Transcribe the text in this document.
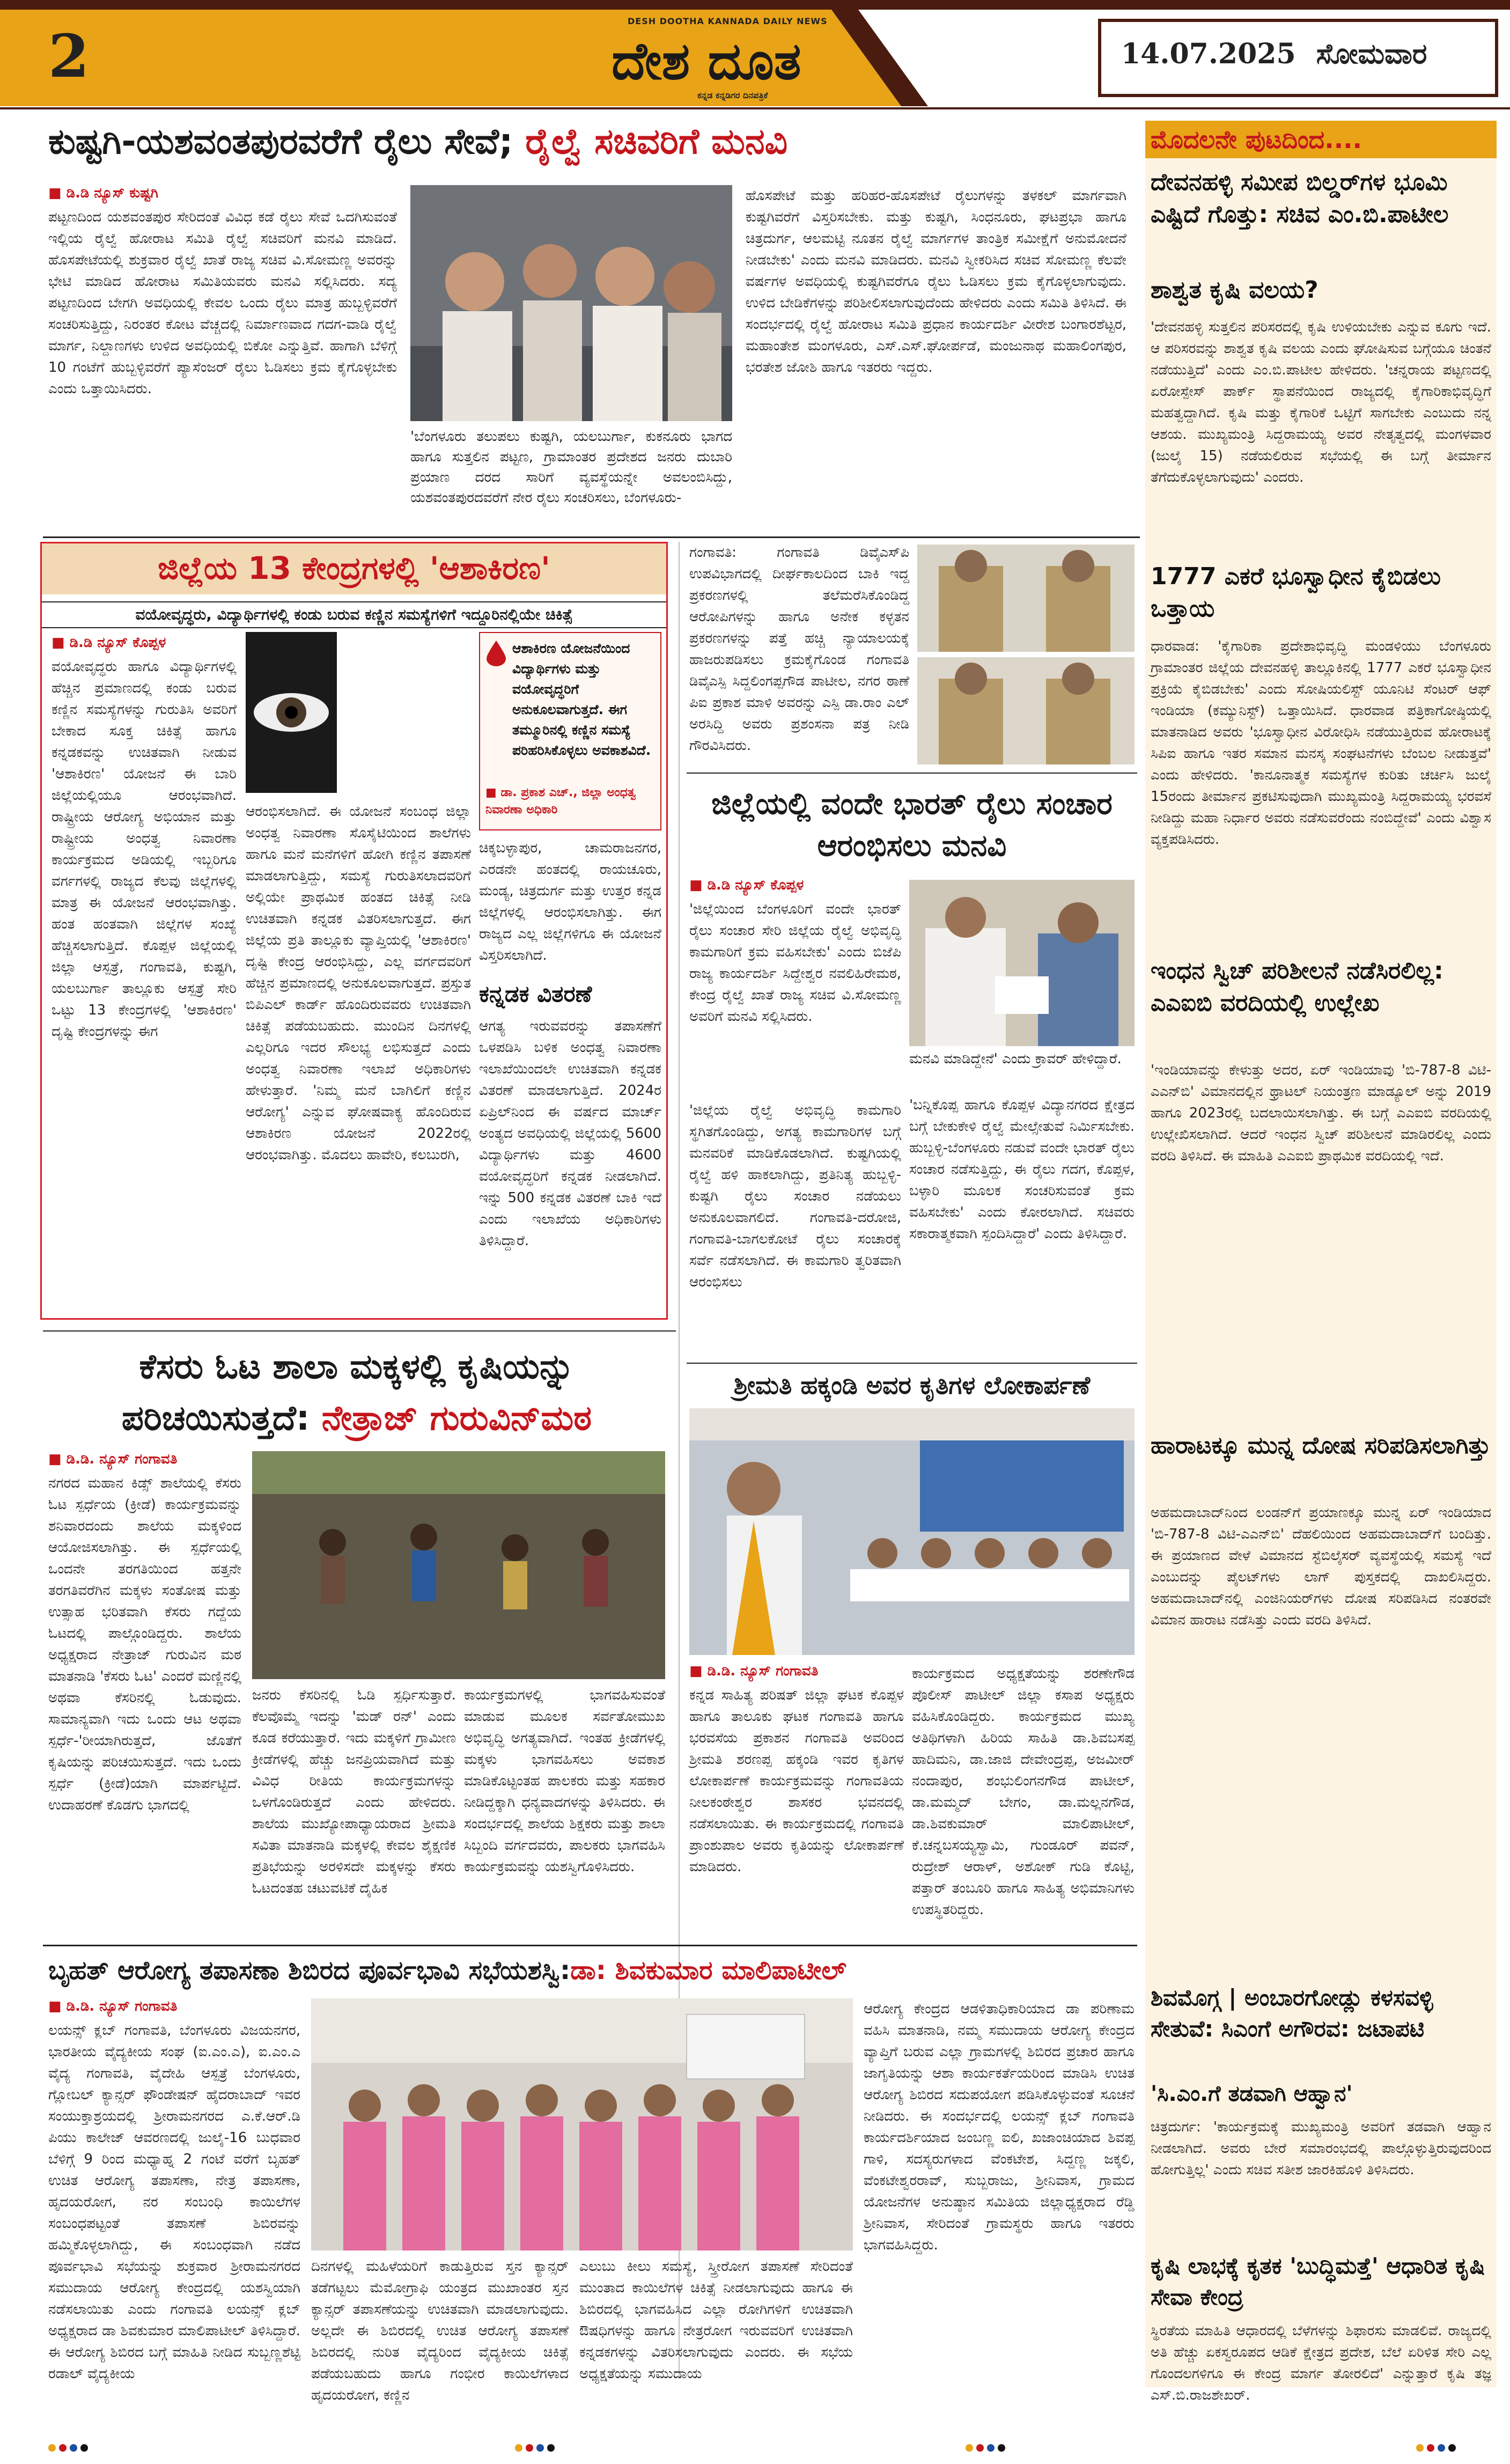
2
DESH DOOTHA KANNADA DAILY NEWS
ದೇಶ ದೂತ
ಕನ್ನಡ ಕನ್ನಡಿಗರ ದಿನಪತ್ರಿಕೆ
14.07.2025 ಸೋಮವಾರ
ಕುಷ್ಟಗಿ-ಯಶವಂತಪುರವರೆಗೆ ರೈಲು ಸೇವೆ; ರೈಲ್ವೆ ಸಚಿವರಿಗೆ ಮನವಿ
■ ಡಿ.ಡಿ ನ್ಯೂಸ್ ಕುಷ್ಟಗಿ
ಪಟ್ಟಣದಿಂದ ಯಶವಂತಪುರ ಸೇರಿದಂತೆ ವಿವಿಧ ಕಡೆ ರೈಲು ಸೇವೆ ಒದಗಿಸುವಂತೆ ಇಲ್ಲಿಯ ರೈಲ್ವೆ ಹೋರಾಟ ಸಮಿತಿ ರೈಲ್ವೆ ಸಚಿವರಿಗೆ ಮನವಿ ಮಾಡಿದೆ. ಹೊಸಪೇಟೆಯಲ್ಲಿ ಶುಕ್ರವಾರ ರೈಲ್ವೆ ಖಾತೆ ರಾಜ್ಯ ಸಚಿವ ವಿ.ಸೋಮಣ್ಣ ಅವರನ್ನು ಭೇಟಿ ಮಾಡಿದ ಹೋರಾಟ ಸಮಿತಿಯವರು ಮನವಿ ಸಲ್ಲಿಸಿದರು. ಸದ್ಯ ಪಟ್ಟಣದಿಂದ ಬೇಗಗಿ ಅವಧಿಯಲ್ಲಿ ಕೇವಲ ಒಂದು ರೈಲು ಮಾತ್ರ ಹುಬ್ಬಳ್ಳಿವರೆಗೆ ಸಂಚರಿಸುತ್ತಿದ್ದು, ನಿರಂತರ ಕೋಟ ವೆಚ್ಚದಲ್ಲಿ ನಿರ್ಮಾಣವಾದ ಗದಗ-ವಾಡಿ ರೈಲ್ವೆ ಮಾರ್ಗ, ನಿಲ್ದಾಣಗಳು ಉಳಿದ ಅವಧಿಯಲ್ಲಿ ಬಿಕೋ ಎನ್ನುತ್ತಿವೆ. ಹಾಗಾಗಿ ಬೆಳಿಗ್ಗೆ 10 ಗಂಟೆಗೆ ಹುಬ್ಬಳ್ಳಿವರೆಗೆ ಪ್ಯಾಸೆಂಜರ್ ರೈಲು ಓಡಿಸಲು ಕ್ರಮ ಕೈಗೊಳ್ಳಬೇಕು ಎಂದು ಒತ್ತಾಯಿಸಿದರು.
'ಬೆಂಗಳೂರು ತಲುಪಲು ಕುಷ್ಟಗಿ, ಯಲಬುರ್ಗಾ, ಕುಕನೂರು ಭಾಗದ ಹಾಗೂ ಸುತ್ತಲಿನ ಪಟ್ಟಣ, ಗ್ರಾಮಾಂತರ ಪ್ರದೇಶದ ಜನರು ದುಬಾರಿ ಪ್ರಯಾಣ ದರದ ಸಾರಿಗೆ ವ್ಯವಸ್ಥೆಯನ್ನೇ ಅವಲಂಬಿಸಿದ್ದು, ಯಶವಂತಪುರದವರೆಗೆ ನೇರ ರೈಲು ಸಂಚರಿಸಲು, ಬೆಂಗಳೂರು-
ಹೊಸಪೇಟೆ ಮತ್ತು ಹರಿಹರ-ಹೊಸಪೇಟೆ ರೈಲುಗಳನ್ನು ತಳಕಲ್ ಮಾರ್ಗವಾಗಿ ಕುಷ್ಟಗಿವರೆಗೆ ವಿಸ್ತರಿಸಬೇಕು. ಮತ್ತು ಕುಷ್ಟಗಿ, ಸಿಂಧನೂರು, ಘಟಪ್ರಭಾ ಹಾಗೂ ಚಿತ್ರದುರ್ಗ, ಆಲಮಟ್ಟಿ ನೂತನ ರೈಲ್ವೆ ಮಾರ್ಗಗಳ ತಾಂತ್ರಿಕ ಸಮೀಕ್ಷೆಗೆ ಅನುಮೋದನೆ ನೀಡಬೇಕು' ಎಂದು ಮನವಿ ಮಾಡಿದರು. ಮನವಿ ಸ್ವೀಕರಿಸಿದ ಸಚಿವ ಸೋಮಣ್ಣ ಕೆಲವೇ ವರ್ಷಗಳ ಅವಧಿಯಲ್ಲಿ ಕುಷ್ಟಗಿವರೆಗೂ ರೈಲು ಓಡಿಸಲು ಕ್ರಮ ಕೈಗೊಳ್ಳಲಾಗುವುದು. ಉಳಿದ ಬೇಡಿಕೆಗಳನ್ನು ಪರಿಶೀಲಿಸಲಾಗುವುದೆಂದು ಹೇಳಿದರು ಎಂದು ಸಮಿತಿ ತಿಳಿಸಿದೆ. ಈ ಸಂದರ್ಭದಲ್ಲಿ ರೈಲ್ವೆ ಹೋರಾಟ ಸಮಿತಿ ಪ್ರಧಾನ ಕಾರ್ಯದರ್ಶಿ ವೀರೇಶ ಬಂಗಾರಶೆಟ್ಟರ, ಮಹಾಂತೇಶ ಮಂಗಳೂರು, ಎಸ್.ಎಸ್.ಘೋರ್ಪಡೆ, ಮಂಜುನಾಥ ಮಹಾಲಿಂಗಪುರ, ಭರತೇಶ ಜೋಶಿ ಹಾಗೂ ಇತರರು ಇದ್ದರು.
ಮೊದಲನೇ ಪುಟದಿಂದ....
ದೇವನಹಳ್ಳಿ ಸಮೀಪ ಬಿಲ್ಡರ್‌ಗಳ ಭೂಮಿ ಎಷ್ಟಿದೆ ಗೊತ್ತು: ಸಚಿವ ಎಂ.ಬಿ.ಪಾಟೀಲ
ಶಾಶ್ವತ ಕೃಷಿ ವಲಯ?
'ದೇವನಹಳ್ಳಿ ಸುತ್ತಲಿನ ಪರಿಸರದಲ್ಲಿ ಕೃಷಿ ಉಳಿಯಬೇಕು ಎನ್ನುವ ಕೂಗು ಇದೆ. ಆ ಪರಿಸರವನ್ನು ಶಾಶ್ವತ ಕೃಷಿ ವಲಯ ಎಂದು ಘೋಷಿಸುವ ಬಗ್ಗೆಯೂ ಚಿಂತನೆ ನಡೆಯುತ್ತಿದೆ' ಎಂದು ಎಂ.ಬಿ.ಪಾಟೀಲ ಹೇಳಿದರು. 'ಚನ್ನರಾಯ ಪಟ್ಟಣದಲ್ಲಿ ಏರೋಸ್ಪೇಸ್ ಪಾರ್ಕ್ ಸ್ಥಾಪನೆಯಿಂದ ರಾಜ್ಯದಲ್ಲಿ ಕೈಗಾರಿಕಾಭಿವೃದ್ಧಿಗೆ ಮಹತ್ವದ್ದಾಗಿದೆ. ಕೃಷಿ ಮತ್ತು ಕೈಗಾರಿಕೆ ಒಟ್ಟಿಗೆ ಸಾಗಬೇಕು ಎಂಬುದು ನನ್ನ ಆಶಯ. ಮುಖ್ಯಮಂತ್ರಿ ಸಿದ್ದರಾಮಯ್ಯ ಅವರ ನೇತೃತ್ವದಲ್ಲಿ ಮಂಗಳವಾರ (ಜುಲೈ 15) ನಡೆಯಲಿರುವ ಸಭೆಯಲ್ಲಿ ಈ ಬಗ್ಗೆ ತೀರ್ಮಾನ ತೆಗೆದುಕೊಳ್ಳಲಾಗುವುದು' ಎಂದರು.
1777 ಎಕರೆ ಭೂಸ್ವಾಧೀನ ಕೈಬಿಡಲು ಒತ್ತಾಯ
ಧಾರವಾಡ: 'ಕೈಗಾರಿಕಾ ಪ್ರದೇಶಾಭಿವೃದ್ಧಿ ಮಂಡಳಿಯು ಬೆಂಗಳೂರು ಗ್ರಾಮಾಂತರ ಜಿಲ್ಲೆಯ ದೇವನಹಳ್ಳಿ ತಾಲ್ಲೂಕಿನಲ್ಲಿ 1777 ಎಕರೆ ಭೂಸ್ವಾಧೀನ ಪ್ರಕ್ರಿಯೆ ಕೈಬಿಡಬೇಕು' ಎಂದು ಸೋಷಿಯಲಿಸ್ಟ್ ಯೂನಿಟಿ ಸೆಂಟರ್ ಆಫ್ ಇಂಡಿಯಾ (ಕಮ್ಯುನಿಸ್ಟ್) ಒತ್ತಾಯಿಸಿದೆ. ಧಾರವಾಡ ಪತ್ರಿಕಾಗೋಷ್ಠಿಯಲ್ಲಿ ಮಾತನಾಡಿದ ಅವರು 'ಭೂಸ್ವಾಧೀನ ವಿರೋಧಿಸಿ ನಡೆಯುತ್ತಿರುವ ಹೋರಾಟಕ್ಕೆ ಸಿಪಿಐ ಹಾಗೂ ಇತರ ಸಮಾನ ಮನಸ್ಕ ಸಂಘಟನೆಗಳು ಬೆಂಬಲ ನೀಡುತ್ತವೆ' ಎಂದು ಹೇಳಿದರು. 'ಕಾನೂನಾತ್ಮಕ ಸಮಸ್ಯೆಗಳ ಕುರಿತು ಚರ್ಚಿಸಿ ಜುಲೈ 15ರಂದು ತೀರ್ಮಾನ ಪ್ರಕಟಿಸುವುದಾಗಿ ಮುಖ್ಯಮಂತ್ರಿ ಸಿದ್ದರಾಮಯ್ಯ ಭರವಸೆ ನೀಡಿದ್ದು ಮಹಾ ನಿರ್ಧಾರ ಅವರು ನಡೆಸುವರೆಂದು ನಂಬಿದ್ದೇವೆ' ಎಂದು ವಿಶ್ವಾಸ ವ್ಯಕ್ತಪಡಿಸಿದರು.
ಇಂಧನ ಸ್ವಿಚ್ ಪರಿಶೀಲನೆ ನಡೆಸಿರಲಿಲ್ಲ: ಎಎಐಬಿ ವರದಿಯಲ್ಲಿ ಉಲ್ಲೇಖ
'ಇಂಡಿಯಾವನ್ನು ಕೇಳುತ್ತು ಅದರ, ಏರ್ ಇಂಡಿಯಾವು 'ಬಿ-787-8 ವಿಟಿ-ಎಎನ್‌ಬಿ' ವಿಮಾನದಲ್ಲಿನ ಥ್ರಾಟಲ್ ನಿಯಂತ್ರಣ ಮಾಡ್ಯೂಲ್ ಅನ್ನು 2019 ಹಾಗೂ 2023ರಲ್ಲಿ ಬದಲಾಯಿಸಲಾಗಿತ್ತು. ಈ ಬಗ್ಗೆ ಎಎಐಬಿ ವರದಿಯಲ್ಲಿ ಉಲ್ಲೇಖಿಸಲಾಗಿದೆ. ಆದರೆ ಇಂಧನ ಸ್ವಿಚ್ ಪರಿಶೀಲನೆ ಮಾಡಿರಲಿಲ್ಲ ಎಂದು ವರದಿ ತಿಳಿಸಿದೆ. ಈ ಮಾಹಿತಿ ಎಎಐಬಿ ಪ್ರಾಥಮಿಕ ವರದಿಯಲ್ಲಿ ಇದೆ.
ಹಾರಾಟಕ್ಕೂ ಮುನ್ನ ದೋಷ ಸರಿಪಡಿಸಲಾಗಿತ್ತು
ಅಹಮದಾಬಾದ್‌ನಿಂದ ಲಂಡನ್‌ಗೆ ಪ್ರಯಾಣಕ್ಕೂ ಮುನ್ನ ಏರ್ ಇಂಡಿಯಾದ 'ಬಿ-787-8 ವಿಟಿ-ಎಎನ್‌ಬಿ' ದೆಹಲಿಯಿಂದ ಅಹಮದಾಬಾದ್‌ಗೆ ಬಂದಿತ್ತು. ಈ ಪ್ರಯಾಣದ ವೇಳೆ ವಿಮಾನದ ಸ್ಟೆಬಿಲೈಸರ್ ವ್ಯವಸ್ಥೆಯಲ್ಲಿ ಸಮಸ್ಯೆ ಇದೆ ಎಂಬುದನ್ನು ಪೈಲಟ್‌ಗಳು ಲಾಗ್ ಪುಸ್ತಕದಲ್ಲಿ ದಾಖಲಿಸಿದ್ದರು. ಅಹಮದಾಬಾದ್‌ನಲ್ಲಿ ಎಂಜಿನಿಯರ್‌ಗಳು ದೋಷ ಸರಿಪಡಿಸಿದ ನಂತರವೇ ವಿಮಾನ ಹಾರಾಟ ನಡೆಸಿತ್ತು ಎಂದು ವರದಿ ತಿಳಿಸಿದೆ.
ಶಿವಮೊಗ್ಗ | ಅಂಬಾರಗೋಡ್ಲು ಕಳಸವಳ್ಳಿ ಸೇತುವೆ: ಸಿಎಂಗೆ ಅಗೌರವ: ಜಟಾಪಟಿ
'ಸಿ.ಎಂ.ಗೆ ತಡವಾಗಿ ಆಹ್ವಾನ'
ಚಿತ್ರದುರ್ಗ: 'ಕಾರ್ಯಕ್ರಮಕ್ಕೆ ಮುಖ್ಯಮಂತ್ರಿ ಅವರಿಗೆ ತಡವಾಗಿ ಆಹ್ವಾನ ನೀಡಲಾಗಿದೆ. ಅವರು ಬೇರೆ ಸಮಾರಂಭದಲ್ಲಿ ಪಾಲ್ಗೊಳ್ಳುತ್ತಿರುವುದರಿಂದ ಹೋಗುತ್ತಿಲ್ಲ' ಎಂದು ಸಚಿವ ಸತೀಶ ಜಾರಕಿಹೊಳಿ ತಿಳಿಸಿದರು.
ಕೃಷಿ ಲಾಭಕ್ಕೆ ಕೃತಕ 'ಬುದ್ಧಿಮತ್ತೆ' ಆಧಾರಿತ ಕೃಷಿ ಸೇವಾ ಕೇಂದ್ರ
ಸ್ಥಿರತೆಯ ಮಾಹಿತಿ ಆಧಾರದಲ್ಲಿ ಬೆಳೆಗಳನ್ನು ಶಿಫಾರಸು ಮಾಡಲಿವೆ. ರಾಜ್ಯದಲ್ಲಿ ಅತಿ ಹೆಚ್ಚು ಏಕಸ್ವರೂಪದ ಆಡಿಕೆ ಕ್ಷೇತ್ರದ ಪ್ರದೇಶ, ಬೆಲೆ ಏರಿಳಿತ ಸೇರಿ ಎಲ್ಲ ಗೊಂದಲಗಳಿಗೂ ಈ ಕೇಂದ್ರ ಮಾರ್ಗ ತೋರಲಿದೆ' ಎನ್ನುತ್ತಾರೆ ಕೃಷಿ ತಜ್ಞ ಎಸ್.ಬಿ.ರಾಜಶೇಖರ್.
ಜಿಲ್ಲೆಯ 13 ಕೇಂದ್ರಗಳಲ್ಲಿ 'ಆಶಾಕಿರಣ'
ವಯೋವೃದ್ಧರು, ವಿದ್ಯಾರ್ಥಿಗಳಲ್ಲಿ ಕಂಡು ಬರುವ ಕಣ್ಣಿನ ಸಮಸ್ಯೆಗಳಿಗೆ ಇದ್ದೂರಿನಲ್ಲಿಯೇ ಚಿಕಿತ್ಸೆ
■ ಡಿ.ಡಿ ನ್ಯೂಸ್ ಕೊಪ್ಪಳ
ವಯೋವೃದ್ಧರು ಹಾಗೂ ವಿದ್ಯಾರ್ಥಿಗಳಲ್ಲಿ ಹೆಚ್ಚಿನ ಪ್ರಮಾಣದಲ್ಲಿ ಕಂಡು ಬರುವ ಕಣ್ಣಿನ ಸಮಸ್ಯೆಗಳನ್ನು ಗುರುತಿಸಿ ಅವರಿಗೆ ಬೇಕಾದ ಸೂಕ್ತ ಚಿಕಿತ್ಸೆ ಹಾಗೂ ಕನ್ನಡಕವನ್ನು ಉಚಿತವಾಗಿ ನೀಡುವ 'ಆಶಾಕಿರಣ' ಯೋಜನೆ ಈ ಬಾರಿ ಜಿಲ್ಲೆಯಲ್ಲಿಯೂ ಆರಂಭವಾಗಿದೆ. ರಾಷ್ಟ್ರೀಯ ಆರೋಗ್ಯ ಅಭಿಯಾನ ಮತ್ತು ರಾಷ್ಟ್ರೀಯ ಅಂಧತ್ವ ನಿವಾರಣಾ ಕಾರ್ಯಕ್ರಮದ ಅಡಿಯಲ್ಲಿ ಇಬ್ಬರಿಗೂ ವರ್ಗಗಳಲ್ಲಿ ರಾಜ್ಯದ ಕೆಲವು ಜಿಲ್ಲೆಗಳಲ್ಲಿ ಮಾತ್ರ ಈ ಯೋಜನೆ ಆರಂಭವಾಗಿತ್ತು. ಹಂತ ಹಂತವಾಗಿ ಜಿಲ್ಲೆಗಳ ಸಂಖ್ಯೆ ಹೆಚ್ಚಿಸಲಾಗುತ್ತಿದೆ. ಕೊಪ್ಪಳ ಜಿಲ್ಲೆಯಲ್ಲಿ ಜಿಲ್ಲಾ ಆಸ್ಪತ್ರೆ, ಗಂಗಾವತಿ, ಕುಷ್ಟಗಿ, ಯಲಬುರ್ಗಾ ತಾಲ್ಲೂಕು ಆಸ್ಪತ್ರೆ ಸೇರಿ ಒಟ್ಟು 13 ಕೇಂದ್ರಗಳಲ್ಲಿ 'ಆಶಾಕಿರಣ' ದೃಷ್ಟಿ ಕೇಂದ್ರಗಳನ್ನು ಈಗ
ಆರಂಭಿಸಲಾಗಿದೆ. ಈ ಯೋಜನೆ ಸಂಬಂಧ ಜಿಲ್ಲಾ ಅಂಧತ್ವ ನಿವಾರಣಾ ಸೊಸೈಟಿಯಿಂದ ಶಾಲೆಗಳು ಹಾಗೂ ಮನೆ ಮನೆಗಳಿಗೆ ಹೋಗಿ ಕಣ್ಣಿನ ತಪಾಸಣೆ ಮಾಡಲಾಗುತ್ತಿದ್ದು, ಸಮಸ್ಯೆ ಗುರುತಿಸಲಾದವರಿಗೆ ಅಲ್ಲಿಯೇ ಪ್ರಾಥಮಿಕ ಹಂತದ ಚಿಕಿತ್ಸೆ ನೀಡಿ ಉಚಿತವಾಗಿ ಕನ್ನಡಕ ವಿತರಿಸಲಾಗುತ್ತದೆ. ಈಗ ಜಿಲ್ಲೆಯ ಪ್ರತಿ ತಾಲ್ಲೂಕು ವ್ಯಾಪ್ತಿಯಲ್ಲಿ 'ಆಶಾಕಿರಣ' ದೃಷ್ಟಿ ಕೇಂದ್ರ ಆರಂಭಿಸಿದ್ದು, ಎಲ್ಲ ವರ್ಗದವರಿಗೆ ಹೆಚ್ಚಿನ ಪ್ರಮಾಣದಲ್ಲಿ ಅನುಕೂಲವಾಗುತ್ತದೆ. ಪ್ರಸ್ತುತ ಬಿಪಿಎಲ್ ಕಾರ್ಡ್ ಹೊಂದಿರುವವರು ಉಚಿತವಾಗಿ ಚಿಕಿತ್ಸೆ ಪಡೆಯಬಹುದು. ಮುಂದಿನ ದಿನಗಳಲ್ಲಿ ಎಲ್ಲರಿಗೂ ಇದರ ಸೌಲಭ್ಯ ಲಭಿಸುತ್ತದೆ ಎಂದು ಅಂಧತ್ವ ನಿವಾರಣಾ ಇಲಾಖೆ ಅಧಿಕಾರಿಗಳು ಹೇಳುತ್ತಾರೆ. 'ನಿಮ್ಮ ಮನೆ ಬಾಗಿಲಿಗೆ ಕಣ್ಣಿನ ಆರೋಗ್ಯ' ಎನ್ನುವ ಘೋಷವಾಕ್ಯ ಹೊಂದಿರುವ ಆಶಾಕಿರಣ ಯೋಜನೆ 2022ರಲ್ಲಿ ಆರಂಭವಾಗಿತ್ತು. ಮೊದಲು ಹಾವೇರಿ, ಕಲಬುರಗಿ,
ಆಶಾಕಿರಣ ಯೋಜನೆಯಿಂದ ವಿದ್ಯಾರ್ಥಿಗಳು ಮತ್ತು ವಯೋವೃದ್ಧರಿಗೆ ಅನುಕೂಲವಾಗುತ್ತದೆ. ಈಗ ತಮ್ಮೂರಿನಲ್ಲಿ ಕಣ್ಣಿನ ಸಮಸ್ಯೆ ಪರಿಹರಿಸಿಕೊಳ್ಳಲು ಅವಕಾಶವಿದೆ.
■ ಡಾ. ಪ್ರಕಾಶ ಎಚ್., ಜಿಲ್ಲಾ ಅಂಧತ್ವ ನಿವಾರಣಾ ಅಧಿಕಾರಿ
ಚಿಕ್ಕಬಳ್ಳಾಪುರ, ಚಾಮರಾಜನಗರ, ಎರಡನೇ ಹಂತದಲ್ಲಿ ರಾಯಚೂರು, ಮಂಡ್ಯ, ಚಿತ್ರದುರ್ಗ ಮತ್ತು ಉತ್ತರ ಕನ್ನಡ ಜಿಲ್ಲೆಗಳಲ್ಲಿ ಆರಂಭಿಸಲಾಗಿತ್ತು. ಈಗ ರಾಜ್ಯದ ಎಲ್ಲ ಜಿಲ್ಲೆಗಳಿಗೂ ಈ ಯೋಜನೆ ವಿಸ್ತರಿಸಲಾಗಿದೆ.
ಕನ್ನಡಕ ವಿತರಣೆ
ಆಗತ್ಯ ಇರುವವರನ್ನು ತಪಾಸಣೆಗೆ ಒಳಪಡಿಸಿ ಬಳಿಕ ಅಂಧತ್ವ ನಿವಾರಣಾ ಇಲಾಖೆಯಿಂದಲೇ ಉಚಿತವಾಗಿ ಕನ್ನಡಕ ವಿತರಣೆ ಮಾಡಲಾಗುತ್ತಿದೆ. 2024ರ ಏಪ್ರಿಲ್‌ನಿಂದ ಈ ವರ್ಷದ ಮಾರ್ಚ್ ಅಂತ್ಯದ ಅವಧಿಯಲ್ಲಿ ಜಿಲ್ಲೆಯಲ್ಲಿ 5600 ವಿದ್ಯಾರ್ಥಿಗಳು ಮತ್ತು 4600 ವಯೋವೃದ್ಧರಿಗೆ ಕನ್ನಡಕ ನೀಡಲಾಗಿದೆ. ಇನ್ನು 500 ಕನ್ನಡಕ ವಿತರಣೆ ಬಾಕಿ ಇದೆ ಎಂದು ಇಲಾಖೆಯ ಅಧಿಕಾರಿಗಳು ತಿಳಿಸಿದ್ದಾರೆ.
ಗಂಗಾವತಿ: ಗಂಗಾವತಿ ಡಿವೈಎಸ್‌ಪಿ ಉಪವಿಭಾಗದಲ್ಲಿ ದೀರ್ಘಕಾಲದಿಂದ ಬಾಕಿ ಇದ್ದ ಪ್ರಕರಣಗಳಲ್ಲಿ ತಲೆಮರೆಸಿಕೊಂಡಿದ್ದ ಆರೋಪಿಗಳನ್ನು ಹಾಗೂ ಅನೇಕ ಕಳ್ಳತನ ಪ್ರಕರಣಗಳನ್ನು ಪತ್ತೆ ಹಚ್ಚಿ ನ್ಯಾಯಾಲಯಕ್ಕೆ ಹಾಜರುಪಡಿಸಲು ಕ್ರಮಕೈಗೊಂಡ ಗಂಗಾವತಿ ಡಿವೈಎಸ್ಪಿ ಸಿದ್ದಲಿಂಗಪ್ಪಗೌಡ ಪಾಟೀಲ, ನಗರ ಠಾಣೆ ಪಿಐ ಪ್ರಕಾಶ ಮಾಳಿ ಅವರನ್ನು ಎಸ್ಪಿ ಡಾ.ರಾಂ ಎಲ್ ಅರಸಿದ್ದಿ ಅವರು ಪ್ರಶಂಸನಾ ಪತ್ರ ನೀಡಿ ಗೌರವಿಸಿದರು.
ಜಿಲ್ಲೆಯಲ್ಲಿ ವಂದೇ ಭಾರತ್ ರೈಲು ಸಂಚಾರ ಆರಂಭಿಸಲು ಮನವಿ
■ ಡಿ.ಡಿ ನ್ಯೂಸ್ ಕೊಪ್ಪಳ
'ಜಿಲ್ಲೆಯಿಂದ ಬೆಂಗಳೂರಿಗೆ ವಂದೇ ಭಾರತ್ ರೈಲು ಸಂಚಾರ ಸೇರಿ ಜಿಲ್ಲೆಯ ರೈಲ್ವೆ ಅಭಿವೃದ್ಧಿ ಕಾಮಗಾರಿಗೆ ಕ್ರಮ ವಹಿಸಬೇಕು' ಎಂದು ಬಿಜೆಪಿ ರಾಜ್ಯ ಕಾರ್ಯದರ್ಶಿ ಸಿದ್ದೇಶ್ವರ ನವಲಿಹಿರೇಮಠ, ಕೇಂದ್ರ ರೈಲ್ವೆ ಖಾತೆ ರಾಜ್ಯ ಸಚಿವ ವಿ.ಸೋಮಣ್ಣ ಅವರಿಗೆ ಮನವಿ ಸಲ್ಲಿಸಿದರು.
ಮನವಿ ಮಾಡಿದ್ದೇನೆ' ಎಂದು ಕ್ರಾವರ್ ಹೇಳಿದ್ದಾರೆ.
'ಜಿಲ್ಲೆಯ ರೈಲ್ವೆ ಅಭಿವೃದ್ಧಿ ಕಾಮಗಾರಿ ಸ್ಥಗಿತಗೊಂಡಿದ್ದು, ಅಗತ್ಯ ಕಾಮಗಾರಿಗಳ ಬಗ್ಗೆ ಮನವರಿಕೆ ಮಾಡಿಕೊಡಲಾಗಿದೆ. ಕುಷ್ಟಗಿಯಲ್ಲಿ ರೈಲ್ವೆ ಹಳಿ ಹಾಕಲಾಗಿದ್ದು, ಪ್ರತಿನಿತ್ಯ ಹುಬ್ಬಳ್ಳಿ-ಕುಷ್ಟಗಿ ರೈಲು ಸಂಚಾರ ನಡೆಯಲು ಅನುಕೂಲವಾಗಲಿದೆ. ಗಂಗಾವತಿ-ದರೋಜಿ, ಗಂಗಾವತಿ-ಬಾಗಲಕೋಟೆ ರೈಲು ಸಂಚಾರಕ್ಕೆ ಸರ್ವೆ ನಡೆಸಲಾಗಿದೆ. ಈ ಕಾಮಗಾರಿ ತ್ವರಿತವಾಗಿ ಆರಂಭಿಸಲು
'ಬನ್ನಿಕೊಪ್ಪ ಹಾಗೂ ಕೊಪ್ಪಳ ವಿದ್ಯಾನಗರದ ಕ್ಷೇತ್ರದ ಬಗ್ಗೆ ಬೇಕುಕೇಳಿ ರೈಲ್ವೆ ಮೇಲ್ಸೇತುವೆ ನಿರ್ಮಿಸಬೇಕು. ಹುಬ್ಬಳ್ಳಿ-ಬೆಂಗಳೂರು ನಡುವೆ ವಂದೇ ಭಾರತ್ ರೈಲು ಸಂಚಾರ ನಡೆಸುತ್ತಿದ್ದು, ಈ ರೈಲು ಗದಗ, ಕೊಪ್ಪಳ, ಬಳ್ಳಾರಿ ಮೂಲಕ ಸಂಚರಿಸುವಂತೆ ಕ್ರಮ ವಹಿಸಬೇಕು' ಎಂದು ಕೋರಲಾಗಿದೆ. ಸಚಿವರು ಸಕಾರಾತ್ಮಕವಾಗಿ ಸ್ಪಂದಿಸಿದ್ದಾರೆ' ಎಂದು ತಿಳಿಸಿದ್ದಾರೆ.
ಕೆಸರು ಓಟ ಶಾಲಾ ಮಕ್ಕಳಲ್ಲಿ ಕೃಷಿಯನ್ನು
ಪರಿಚಯಿಸುತ್ತದೆ: ನೇತ್ರಾಜ್ ಗುರುವಿನ್‌ಮಠ
■ ಡಿ.ಡಿ. ನ್ಯೂಸ್ ಗಂಗಾವತಿ
ನಗರದ ಮಹಾನ ಕಿಡ್ಸ್ ಶಾಲೆಯಲ್ಲಿ ಕೆಸರು ಓಟ ಸ್ಪರ್ಧೆಯ (ಕ್ರೀಡೆ) ಕಾರ್ಯಕ್ರಮವನ್ನು ಶನಿವಾರದಂದು ಶಾಲೆಯ ಮಕ್ಕಳಿಂದ ಆಯೋಜಿಸಲಾಗಿತ್ತು. ಈ ಸ್ಪರ್ಧೆಯಲ್ಲಿ ಒಂದನೇ ತರಗತಿಯಿಂದ ಹತ್ತನೇ ತರಗತಿವರೆಗಿನ ಮಕ್ಕಳು ಸಂತೋಷ ಮತ್ತು ಉತ್ಸಾಹ ಭರಿತವಾಗಿ ಕೆಸರು ಗದ್ದೆಯ ಓಟದಲ್ಲಿ ಪಾಲ್ಗೊಂಡಿದ್ದರು. ಶಾಲೆಯ ಅಧ್ಯಕ್ಷರಾದ ನೇತ್ರಾಜ್ ಗುರುವಿನ ಮಠ ಮಾತನಾಡಿ 'ಕೆಸರು ಓಟ' ಎಂದರೆ ಮಣ್ಣಿನಲ್ಲಿ ಅಥವಾ ಕೆಸರಿನಲ್ಲಿ ಓಡುವುದು. ಸಾಮಾನ್ಯವಾಗಿ ಇದು ಒಂದು ಆಟ ಅಥವಾ ಸ್ಪರ್ಧೆ-'ರೀಯಾಗಿರುತ್ತದೆ, ಜೊತೆಗೆ ಕೃಷಿಯನ್ನು ಪರಿಚಯಿಸುತ್ತದೆ. ಇದು ಒಂದು ಸ್ಪರ್ಧೆ (ಕ್ರೀಡೆ)ಯಾಗಿ ಮಾರ್ಪಟ್ಟಿದೆ. ಉದಾಹರಣೆ ಕೊಡಗು ಭಾಗದಲ್ಲಿ
ಜನರು ಕೆಸರಿನಲ್ಲಿ ಓಡಿ ಸ್ಪರ್ಧಿಸುತ್ತಾರೆ. ಕೆಲವೊಮ್ಮೆ ಇದನ್ನು 'ಮಡ್ ರನ್' ಎಂದು ಕೂಡ ಕರೆಯುತ್ತಾರೆ. ಇದು ಮಕ್ಕಳಿಗೆ ಗ್ರಾಮೀಣ ಕ್ರೀಡೆಗಳಲ್ಲಿ ಹೆಚ್ಚು ಜನಪ್ರಿಯವಾಗಿದೆ ಮತ್ತು ವಿವಿಧ ರೀತಿಯ ಕಾರ್ಯಕ್ರಮಗಳನ್ನು ಒಳಗೊಂಡಿರುತ್ತದೆ ಎಂದು ಹೇಳಿದರು. ಶಾಲೆಯ ಮುಖ್ಯೋಪಾಧ್ಯಾಯರಾದ ಶ್ರೀಮತಿ ಸವಿತಾ ಮಾತನಾಡಿ ಮಕ್ಕಳಲ್ಲಿ ಕೇವಲ ಶೈಕ್ಷಣಿಕ ಪ್ರತಿಭೆಯನ್ನು ಅರಳಿಸದೇ ಮಕ್ಕಳನ್ನು ಕೆಸರು ಓಟದಂತಹ ಚಟುವಟಿಕೆ ದೈಹಿಕ
ಕಾರ್ಯಕ್ರಮಗಳಲ್ಲಿ ಭಾಗವಹಿಸುವಂತೆ ಮಾಡುವ ಮೂಲಕ ಸರ್ವತೋಮುಖ ಅಭಿವೃದ್ಧಿ ಅಗತ್ಯವಾಗಿದೆ. ಇಂತಹ ಕ್ರೀಡೆಗಳಲ್ಲಿ ಮಕ್ಕಳು ಭಾಗವಹಿಸಲು ಅವಕಾಶ ಮಾಡಿಕೊಟ್ಟಂತಹ ಪಾಲಕರು ಮತ್ತು ಸಹಕಾರ ನೀಡಿದ್ದಕ್ಕಾಗಿ ಧನ್ಯವಾದಗಳನ್ನು ತಿಳಿಸಿದರು. ಈ ಸಂದರ್ಭದಲ್ಲಿ ಶಾಲೆಯ ಶಿಕ್ಷಕರು ಮತ್ತು ಶಾಲಾ ಸಿಬ್ಬಂದಿ ವರ್ಗದವರು, ಪಾಲಕರು ಭಾಗವಹಿಸಿ ಕಾರ್ಯಕ್ರಮವನ್ನು ಯಶಸ್ವಿಗೊಳಿಸಿದರು.
ಶ್ರೀಮತಿ ಹಕ್ಕಂಡಿ ಅವರ ಕೃತಿಗಳ ಲೋಕಾರ್ಪಣೆ
■ ಡಿ.ಡಿ. ನ್ಯೂಸ್ ಗಂಗಾವತಿ
ಕನ್ನಡ ಸಾಹಿತ್ಯ ಪರಿಷತ್ ಜಿಲ್ಲಾ ಘಟಕ ಕೊಪ್ಪಳ ಹಾಗೂ ತಾಲೂಕು ಘಟಕ ಗಂಗಾವತಿ ಹಾಗೂ ಭರವಸೆಯ ಪ್ರಕಾಶನ ಗಂಗಾವತಿ ಅವರಿಂದ ಶ್ರೀಮತಿ ಶರಣಪ್ಪ ಹಕ್ಕಂಡಿ ಇವರ ಕೃತಿಗಳ ಲೋಕಾರ್ಪಣೆ ಕಾರ್ಯಕ್ರಮವನ್ನು ಗಂಗಾವತಿಯ ನೀಲಕಂಠೇಶ್ವರ ಶಾಸಕರ ಭವನದಲ್ಲಿ ನಡೆಸಲಾಯಿತು. ಈ ಕಾರ್ಯಕ್ರಮದಲ್ಲಿ ಗಂಗಾವತಿ ಪ್ರಾಂಶುಪಾಲ ಅವರು ಕೃತಿಯನ್ನು ಲೋಕಾರ್ಪಣೆ ಮಾಡಿದರು.
ಕಾರ್ಯಕ್ರಮದ ಅಧ್ಯಕ್ಷತೆಯನ್ನು ಶರಣೇಗೌಡ ಪೊಲೀಸ್ ಪಾಟೀಲ್ ಜಿಲ್ಲಾ ಕಸಾಪ ಅಧ್ಯಕ್ಷರು ವಹಿಸಿಕೊಂಡಿದ್ದರು. ಕಾರ್ಯಕ್ರಮದ ಮುಖ್ಯ ಅತಿಥಿಗಳಾಗಿ ಹಿರಿಯ ಸಾಹಿತಿ ಡಾ.ಶಿವಬಸಪ್ಪ ಹಾದಿಮನಿ, ಡಾ.ಜಾಜಿ ದೇವೇಂದ್ರಪ್ಪ, ಅಜಮೀರ್ ನಂದಾಪುರ, ಶಂಭುಲಿಂಗನಗೌಡ ಪಾಟೀಲ್, ಡಾ.ಮಮ್ಮದ್ ಬೇಗಂ, ಡಾ.ಮಲ್ಲನಗೌಡ, ಡಾ.ಶಿವಕುಮಾರ್ ಮಾಲಿಪಾಟೀಲ್, ಕೆ.ಚನ್ನಬಸಯ್ಯಸ್ವಾಮಿ, ಗುಂಡೂರ್ ಪವನ್, ರುದ್ರೇಶ್ ಆರಾಳ್, ಅಶೋಕ್ ಗುಡಿ ಕೊಟ್ಟಿ, ಪತ್ತಾರ್ ತಂಬೂರಿ ಹಾಗೂ ಸಾಹಿತ್ಯ ಅಭಿಮಾನಿಗಳು ಉಪಸ್ಥಿತರಿದ್ದರು.
ಬೃಹತ್ ಆರೋಗ್ಯ ತಪಾಸಣಾ ಶಿಬಿರದ ಪೂರ್ವಭಾವಿ ಸಭೆಯಶಸ್ವಿ:ಡಾ: ಶಿವಕುಮಾರ ಮಾಲಿಪಾಟೀಲ್
■ ಡಿ.ಡಿ. ನ್ಯೂಸ್ ಗಂಗಾವತಿ
ಲಯನ್ಸ್ ಕ್ಲಬ್ ಗಂಗಾವತಿ, ಬೆಂಗಳೂರು ವಿಜಯನಗರ, ಭಾರತೀಯ ವೈದ್ಯಕೀಯ ಸಂಘ (ಐ.ಎಂ.ಎ), ಐ.ಎಂ.ಎ ವೈದ್ಯ ಗಂಗಾವತಿ, ವೈದೇಹಿ ಆಸ್ಪತ್ರೆ ಬೆಂಗಳೂರು, ಗ್ಲೋಬಲ್ ಕ್ಯಾನ್ಸರ್ ಫೌಂಡೇಷನ್ ಹೈದರಾಬಾದ್ ಇವರ ಸಂಯುಕ್ತಾಶ್ರಯದಲ್ಲಿ ಶ್ರೀರಾಮನಗರದ ಎ.ಕೆ.ಆರ್.ಡಿ ಪಿಯು ಕಾಲೇಜ್ ಆವರಣದಲ್ಲಿ ಜುಲೈ-16 ಬುಧವಾರ ಬೆಳಿಗ್ಗೆ 9 ರಿಂದ ಮಧ್ಯಾಹ್ನ 2 ಗಂಟೆ ವರೆಗೆ ಬೃಹತ್ ಉಚಿತ ಆರೋಗ್ಯ ತಪಾಸಣಾ, ನೇತ್ರ ತಪಾಸಣಾ, ಹೃದಯರೋಗ, ನರ ಸಂಬಂಧಿ ಕಾಯಿಲೆಗಳ ಸಂಬಂಧಪಟ್ಟಂತೆ ತಪಾಸಣೆ ಶಿಬಿರವನ್ನು ಹಮ್ಮಿಕೊಳ್ಳಲಾಗಿದ್ದು, ಈ ಸಂಬಂಧವಾಗಿ ನಡೆದ ಪೂರ್ವಭಾವಿ ಸಭೆಯನ್ನು ಶುಕ್ರವಾರ ಶ್ರೀರಾಮನಗರದ ಸಮುದಾಯ ಆರೋಗ್ಯ ಕೇಂದ್ರದಲ್ಲಿ ಯಶಸ್ವಿಯಾಗಿ ನಡೆಸಲಾಯಿತು ಎಂದು ಗಂಗಾವತಿ ಲಯನ್ಸ್ ಕ್ಲಬ್ ಅಧ್ಯಕ್ಷರಾದ ಡಾ ಶಿವಕುಮಾರ ಮಾಲಿಪಾಟೀಲ್ ತಿಳಿಸಿದ್ದಾರೆ. ಈ ಆರೋಗ್ಯ ಶಿಬಿರದ ಬಗ್ಗೆ ಮಾಹಿತಿ ನೀಡಿದ ಸುಬ್ಬಣ್ಣಶೆಟ್ಟಿ ರಡಾಲ್ ವೈದ್ಯಕೀಯ
ದಿನಗಳಲ್ಲಿ ಮಹಿಳೆಯರಿಗೆ ಕಾಡುತ್ತಿರುವ ಸ್ತನ ಕ್ಯಾನ್ಸರ್ ತಡೆಗಟ್ಟಲು ಮೆಮೋಗ್ರಾಫಿ ಯಂತ್ರದ ಮುಖಾಂತರ ಸ್ತನ ಕ್ಯಾನ್ಸರ್ ತಪಾಸಣೆಯನ್ನು ಉಚಿತವಾಗಿ ಮಾಡಲಾಗುವುದು. ಅಲ್ಲದೇ ಈ ಶಿಬಿರದಲ್ಲಿ ಉಚಿತ ಆರೋಗ್ಯ ತಪಾಸಣೆ ಶಿಬಿರದಲ್ಲಿ ನುರಿತ ವೈದ್ಯರಿಂದ ವೈದ್ಯಕೀಯ ಚಿಕಿತ್ಸೆ ಪಡೆಯಬಹುದು ಹಾಗೂ ಗಂಭೀರ ಕಾಯಿಲೆಗಳಾದ ಹೃದಯರೋಗ, ಕಣ್ಣಿನ
ಎಲುಬು ಕೀಲು ಸಮಸ್ಯೆ, ಸ್ತ್ರೀರೋಗ ತಪಾಸಣೆ ಸೇರಿದಂತೆ ಮುಂತಾದ ಕಾಯಿಲೆಗಳ ಚಿಕಿತ್ಸೆ ನೀಡಲಾಗುವುದು ಹಾಗೂ ಈ ಶಿಬಿರದಲ್ಲಿ ಭಾಗವಹಿಸಿದ ಎಲ್ಲಾ ರೋಗಿಗಳಿಗೆ ಉಚಿತವಾಗಿ ಔಷಧಿಗಳನ್ನು ಹಾಗೂ ನೇತ್ರರೋಗ ಇರುವವರಿಗೆ ಉಚಿತವಾಗಿ ಕನ್ನಡಕಗಳನ್ನು ವಿತರಿಸಲಾಗುವುದು ಎಂದರು. ಈ ಸಭೆಯ ಅಧ್ಯಕ್ಷತೆಯನ್ನು ಸಮುದಾಯ
ಆರೋಗ್ಯ ಕೇಂದ್ರದ ಆಡಳಿತಾಧಿಕಾರಿಯಾದ ಡಾ ಪರಿಣಾಮ ವಹಿಸಿ ಮಾತನಾಡಿ, ನಮ್ಮ ಸಮುದಾಯ ಆರೋಗ್ಯ ಕೇಂದ್ರದ ವ್ಯಾಪ್ತಿಗೆ ಬರುವ ಎಲ್ಲಾ ಗ್ರಾಮಗಳಲ್ಲಿ ಶಿಬಿರದ ಪ್ರಚಾರ ಹಾಗೂ ಜಾಗೃತಿಯನ್ನು ಆಶಾ ಕಾರ್ಯಕರ್ತೆಯರಿಂದ ಮಾಡಿಸಿ ಉಚಿತ ಆರೋಗ್ಯ ಶಿಬಿರದ ಸದುಪಯೋಗ ಪಡಿಸಿಕೊಳ್ಳುವಂತೆ ಸೂಚನೆ ನೀಡಿದರು. ಈ ಸಂದರ್ಭದಲ್ಲಿ ಲಯನ್ಸ್ ಕ್ಲಬ್ ಗಂಗಾವತಿ ಕಾರ್ಯದರ್ಶಿಯಾದ ಜಂಬಣ್ಣ ಐಲಿ, ಖಜಾಂಚಿಯಾದ ಶಿವಪ್ಪ ಗಾಳಿ, ಸದಸ್ಯರುಗಳಾದ ವೆಂಕಟೇಶ, ಸಿದ್ದಣ್ಣ ಜಕ್ಕಲಿ, ವೆಂಕಟೇಶ್ವರರಾವ್, ಸುಬ್ಬರಾಜು, ಶ್ರೀನಿವಾಸ, ಗ್ರಾಮದ ಯೋಜನೆಗಳ ಅನುಷ್ಠಾನ ಸಮಿತಿಯ ಜಿಲ್ಲಾಧ್ಯಕ್ಷರಾದ ರೆಡ್ಡಿ ಶ್ರೀನಿವಾಸ, ಸೇರಿದಂತೆ ಗ್ರಾಮಸ್ಥರು ಹಾಗೂ ಇತರರು ಭಾಗವಹಿಸಿದ್ದರು.
